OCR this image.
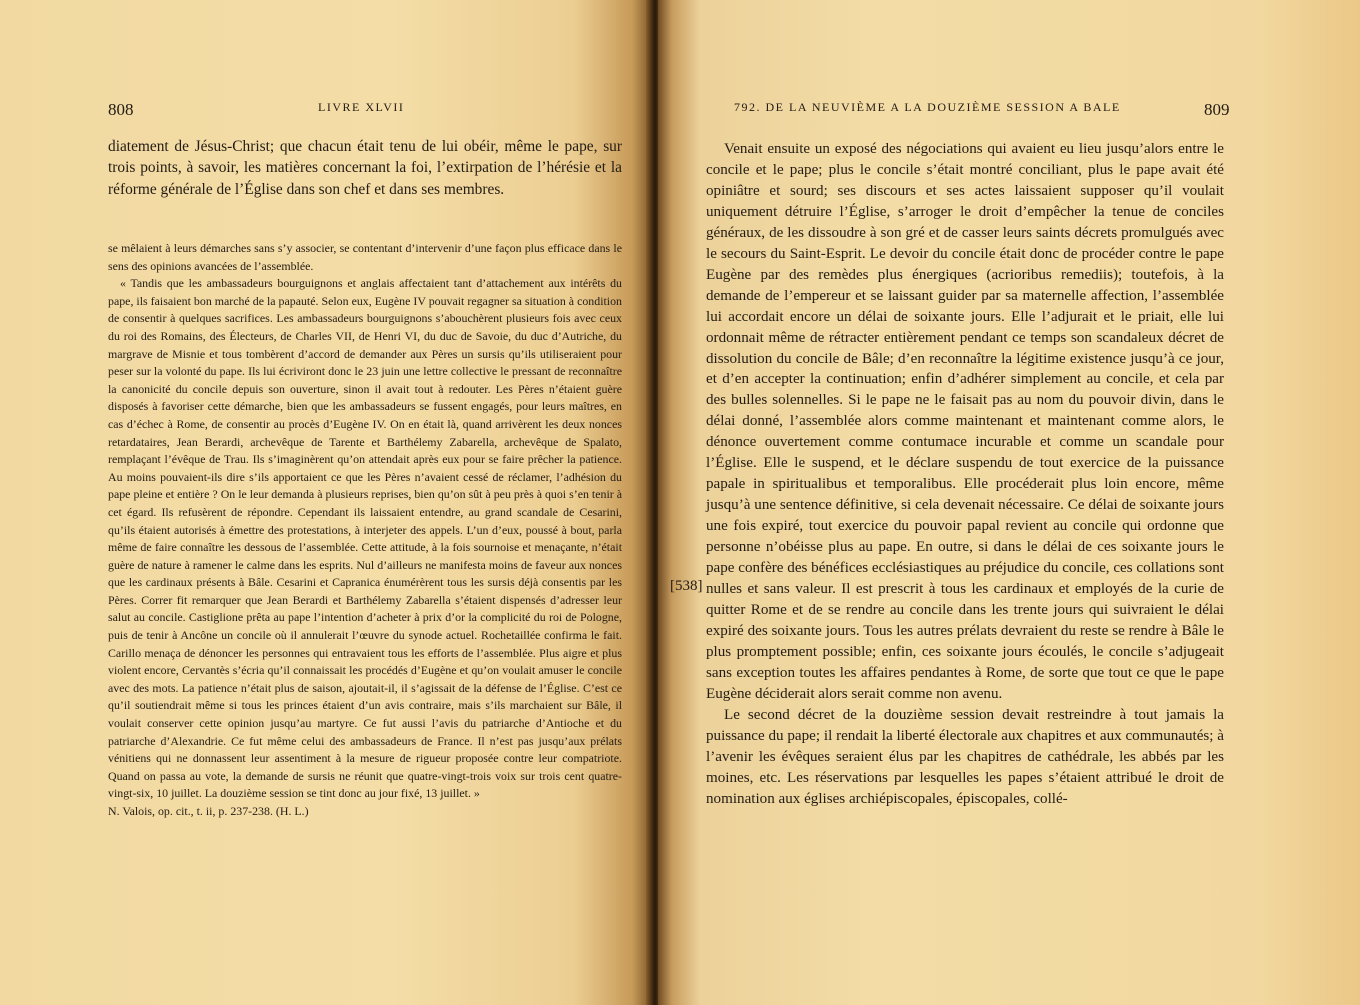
808	LIVRE XLVII
diatement de Jésus-Christ; que chacun était tenu de lui obéir, même le pape, sur trois points, à savoir, les matières concernant la foi, l’extirpation de l’hérésie et la réforme générale de l’Église dans son chef et dans ses membres.

se mêlaient à leurs démarches sans s’y associer, se contentant d’intervenir d’une façon plus efficace dans le sens des opinions avancées de l’assemblée.

« Tandis que les ambassadeurs bourguignons et anglais affectaient tant d’attachement aux intérêts du pape, ils faisaient bon marché de la papauté. Selon eux, Eugène IV pouvait regagner sa situation à condition de consentir à quelques sacrifices. Les ambassadeurs bourguignons s’abouchèrent plusieurs fois avec ceux du roi des Romains, des Électeurs, de Charles VII, de Henri VI, du duc de Savoie, du duc d’Autriche, du margrave de Misnie et tous tombèrent d’accord de demander aux Pères un sursis qu’ils utiliseraient pour peser sur la volonté du pape. Ils lui écriviront donc le 23 juin une lettre collective le pressant de reconnaître la canonicité du concile depuis son ouverture, sinon il avait tout à redouter. Les Pères n’étaient guère disposés à favoriser cette démarche, bien que les ambassadeurs se fussent engagés, pour leurs maîtres, en cas d’échec à Rome, de consentir au procès d’Eugène IV. On en était là, quand arrivèrent les deux nonces retardataires, Jean Berardi, archevêque de Tarente et Barthélemy Zabarella, archevêque de Spalato, remplaçant l’évêque de Trau. Ils s’imaginèrent qu’on attendait après eux pour se faire prêcher la patience. Au moins pouvaient-ils dire s’ils apportaient ce que les Pères n’avaient cessé de réclamer, l’adhésion du pape pleine et entière ? On le leur demanda à plusieurs reprises, bien qu’on sût à peu près à quoi s’en tenir à cet égard. Ils refusèrent de répondre. Cependant ils laissaient entendre, au grand scandale de Cesarini, qu’ils étaient autorisés à émettre des protestations, à interjeter des appels. L’un d’eux, poussé à bout, parla même de faire connaître les dessous de l’assemblée. Cette attitude, à la fois sournoise et menaçante, n’était guère de nature à ramener le calme dans les esprits. Nul d’ailleurs ne manifesta moins de faveur aux nonces que les cardinaux présents à Bâle. Cesarini et Capranica énumérèrent tous les sursis déjà consentis par les Pères. Correr fit remarquer que Jean Berardi et Barthélemy Zabarella s’étaient dispensés d’adresser leur salut au concile. Castiglione prêta au pape l’intention d’acheter à prix d’or la complicité du roi de Pologne, puis de tenir à Ancône un concile où il annulerait l’œuvre du synode actuel. Rochetaillée confirma le fait. Carillo menaça de dénoncer les personnes qui entravaient tous les efforts de l’assemblée. Plus aigre et plus violent encore, Cervantès s’écria qu’il connaissait les procédés d’Eugène et qu’on voulait amuser le concile avec des mots. La patience n’était plus de saison, ajoutait-il, il s’agissait de la défense de l’Église. C’est ce qu’il soutiendrait même si tous les princes étaient d’un avis contraire, mais s’ils marchaient sur Bâle, il voulait conserver cette opinion jusqu’au martyre. Ce fut aussi l’avis du patriarche d’Antioche et du patriarche d’Alexandrie. Ce fut même celui des ambassadeurs de France. Il n’est pas jusqu’aux prélats vénitiens qui ne donnassent leur assentiment à la mesure de rigueur proposée contre leur compatriote. Quand on passa au vote, la demande de sursis ne réunit que quatre-vingt-trois voix sur trois cent quatre-vingt-six, 10 juillet. La douzième session se tint donc au jour fixé, 13 juillet. »

N. Valois, op. cit., t. ii, p. 237-238. (H. L.)

792. DE LA NEUVIÈME A LA DOUZIÈME SESSION A BALE	809
[538]

Venait ensuite un exposé des négociations qui avaient eu lieu jusqu’alors entre le concile et le pape; plus le concile s’était montré conciliant, plus le pape avait été opiniâtre et sourd; ses discours et ses actes laissaient supposer qu’il voulait uniquement détruire l’Église, s’arroger le droit d’empêcher la tenue de conciles généraux, de les dissoudre à son gré et de casser leurs saints décrets promulgués avec le secours du Saint-Esprit. Le devoir du concile était donc de procéder contre le pape Eugène par des remèdes plus énergiques (acrioribus remediis); toutefois, à la demande de l’empereur et se laissant guider par sa maternelle affection, l’assemblée lui accordait encore un délai de soixante jours. Elle l’adjurait et le priait, elle lui ordonnait même de rétracter entièrement pendant ce temps son scandaleux décret de dissolution du concile de Bâle; d’en reconnaître la légitime existence jusqu’à ce jour, et d’en accepter la continuation; enfin d’adhérer simplement au concile, et cela par des bulles solennelles. Si le pape ne le faisait pas au nom du pouvoir divin, dans le délai donné, l’assemblée alors comme maintenant et maintenant comme alors, le dénonce ouvertement comme contumace incurable et comme un scandale pour l’Église. Elle le suspend, et le déclare suspendu de tout exercice de la puissance papale in spiritualibus et temporalibus. Elle procéderait plus loin encore, même jusqu’à une sentence définitive, si cela devenait nécessaire. Ce délai de soixante jours une fois expiré, tout exercice du pouvoir papal revient au concile qui ordonne que personne n’obéisse plus au pape. En outre, si dans le délai de ces soixante jours le pape confère des bénéfices ecclésiastiques au préjudice du concile, ces collations sont nulles et sans valeur. Il est prescrit à tous les cardinaux et employés de la curie de quitter Rome et de se rendre au concile dans les trente jours qui suivraient le délai expiré des soixante jours. Tous les autres prélats devraient du reste se rendre à Bâle le plus promptement possible; enfin, ces soixante jours écoulés, le concile s’adjugeait sans exception toutes les affaires pendantes à Rome, de sorte que tout ce que le pape Eugène déciderait alors serait comme non avenu.

Le second décret de la douzième session devait restreindre à tout jamais la puissance du pape; il rendait la liberté électorale aux chapitres et aux communautés; à l’avenir les évêques seraient élus par les chapitres de cathédrale, les abbés par les moines, etc. Les réservations par lesquelles les papes s’étaient attribué le droit de nomination aux églises archiépiscopales, épiscopales, collé-
